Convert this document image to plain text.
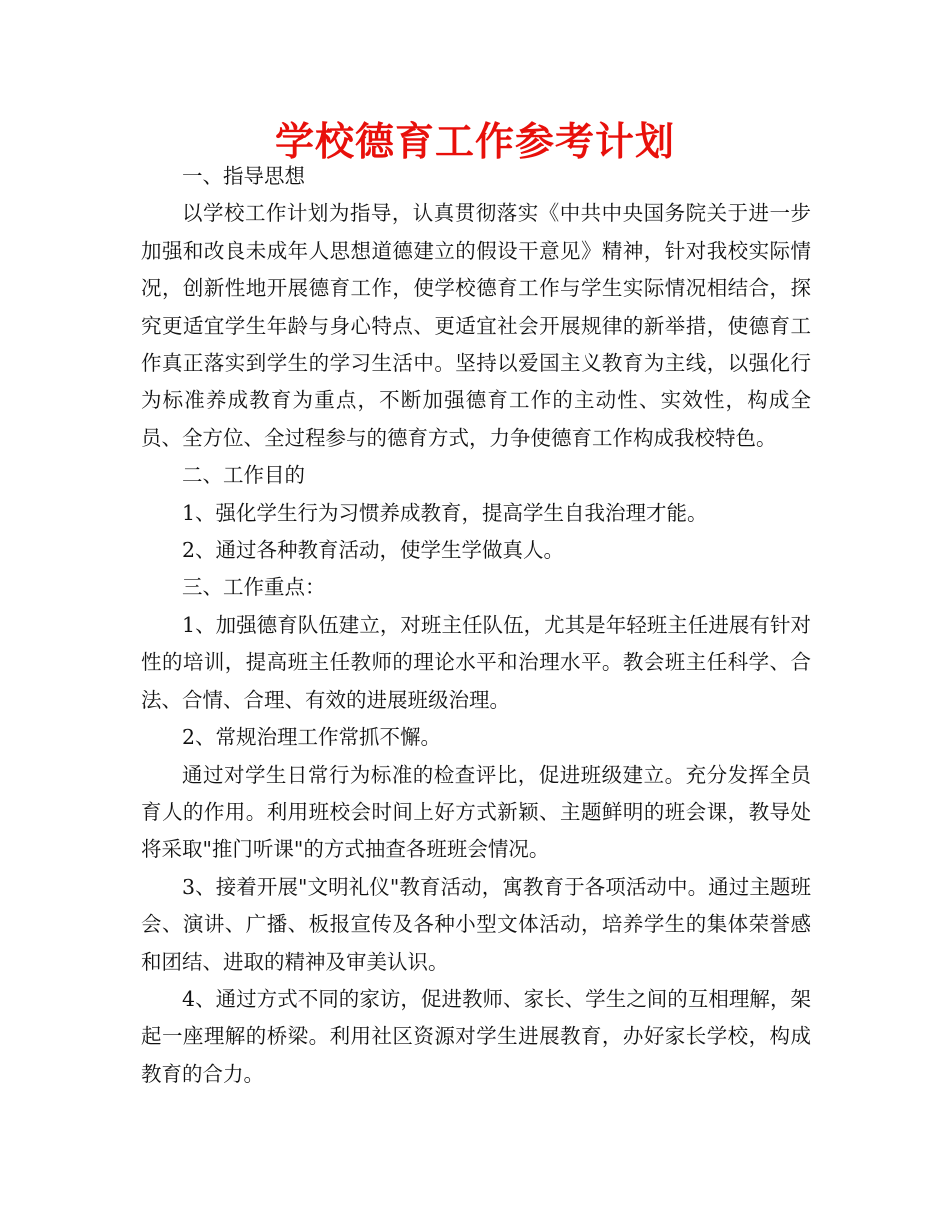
学校德育工作参考计划

一、指导思想

以学校工作计划为指导，认真贯彻落实《中共中央国务院关于进一步加强和改良未成年人思想道德建立的假设干意见》精神，针对我校实际情况，创新性地开展德育工作，使学校德育工作与学生实际情况相结合，探究更适宜学生年龄与身心特点、更适宜社会开展规律的新举措，使德育工作真正落实到学生的学习生活中。坚持以爱国主义教育为主线，以强化行为标准养成教育为重点，不断加强德育工作的主动性、实效性，构成全员、全方位、全过程参与的德育方式，力争使德育工作构成我校特色。

二、工作目的

1、强化学生行为习惯养成教育，提高学生自我治理才能。

2、通过各种教育活动，使学生学做真人。

三、工作重点：

1、加强德育队伍建立，对班主任队伍，尤其是年轻班主任进展有针对性的培训，提高班主任教师的理论水平和治理水平。教会班主任科学、合法、合情、合理、有效的进展班级治理。

2、常规治理工作常抓不懈。

通过对学生日常行为标准的检查评比，促进班级建立。充分发挥全员育人的作用。利用班校会时间上好方式新颖、主题鲜明的班会课，教导处将采取"推门听课"的方式抽查各班班会情况。

3、接着开展"文明礼仪"教育活动，寓教育于各项活动中。通过主题班会、演讲、广播、板报宣传及各种小型文体活动，培养学生的集体荣誉感和团结、进取的精神及审美认识。

4、通过方式不同的家访，促进教师、家长、学生之间的互相理解，架起一座理解的桥梁。利用社区资源对学生进展教育，办好家长学校，构成教育的合力。
